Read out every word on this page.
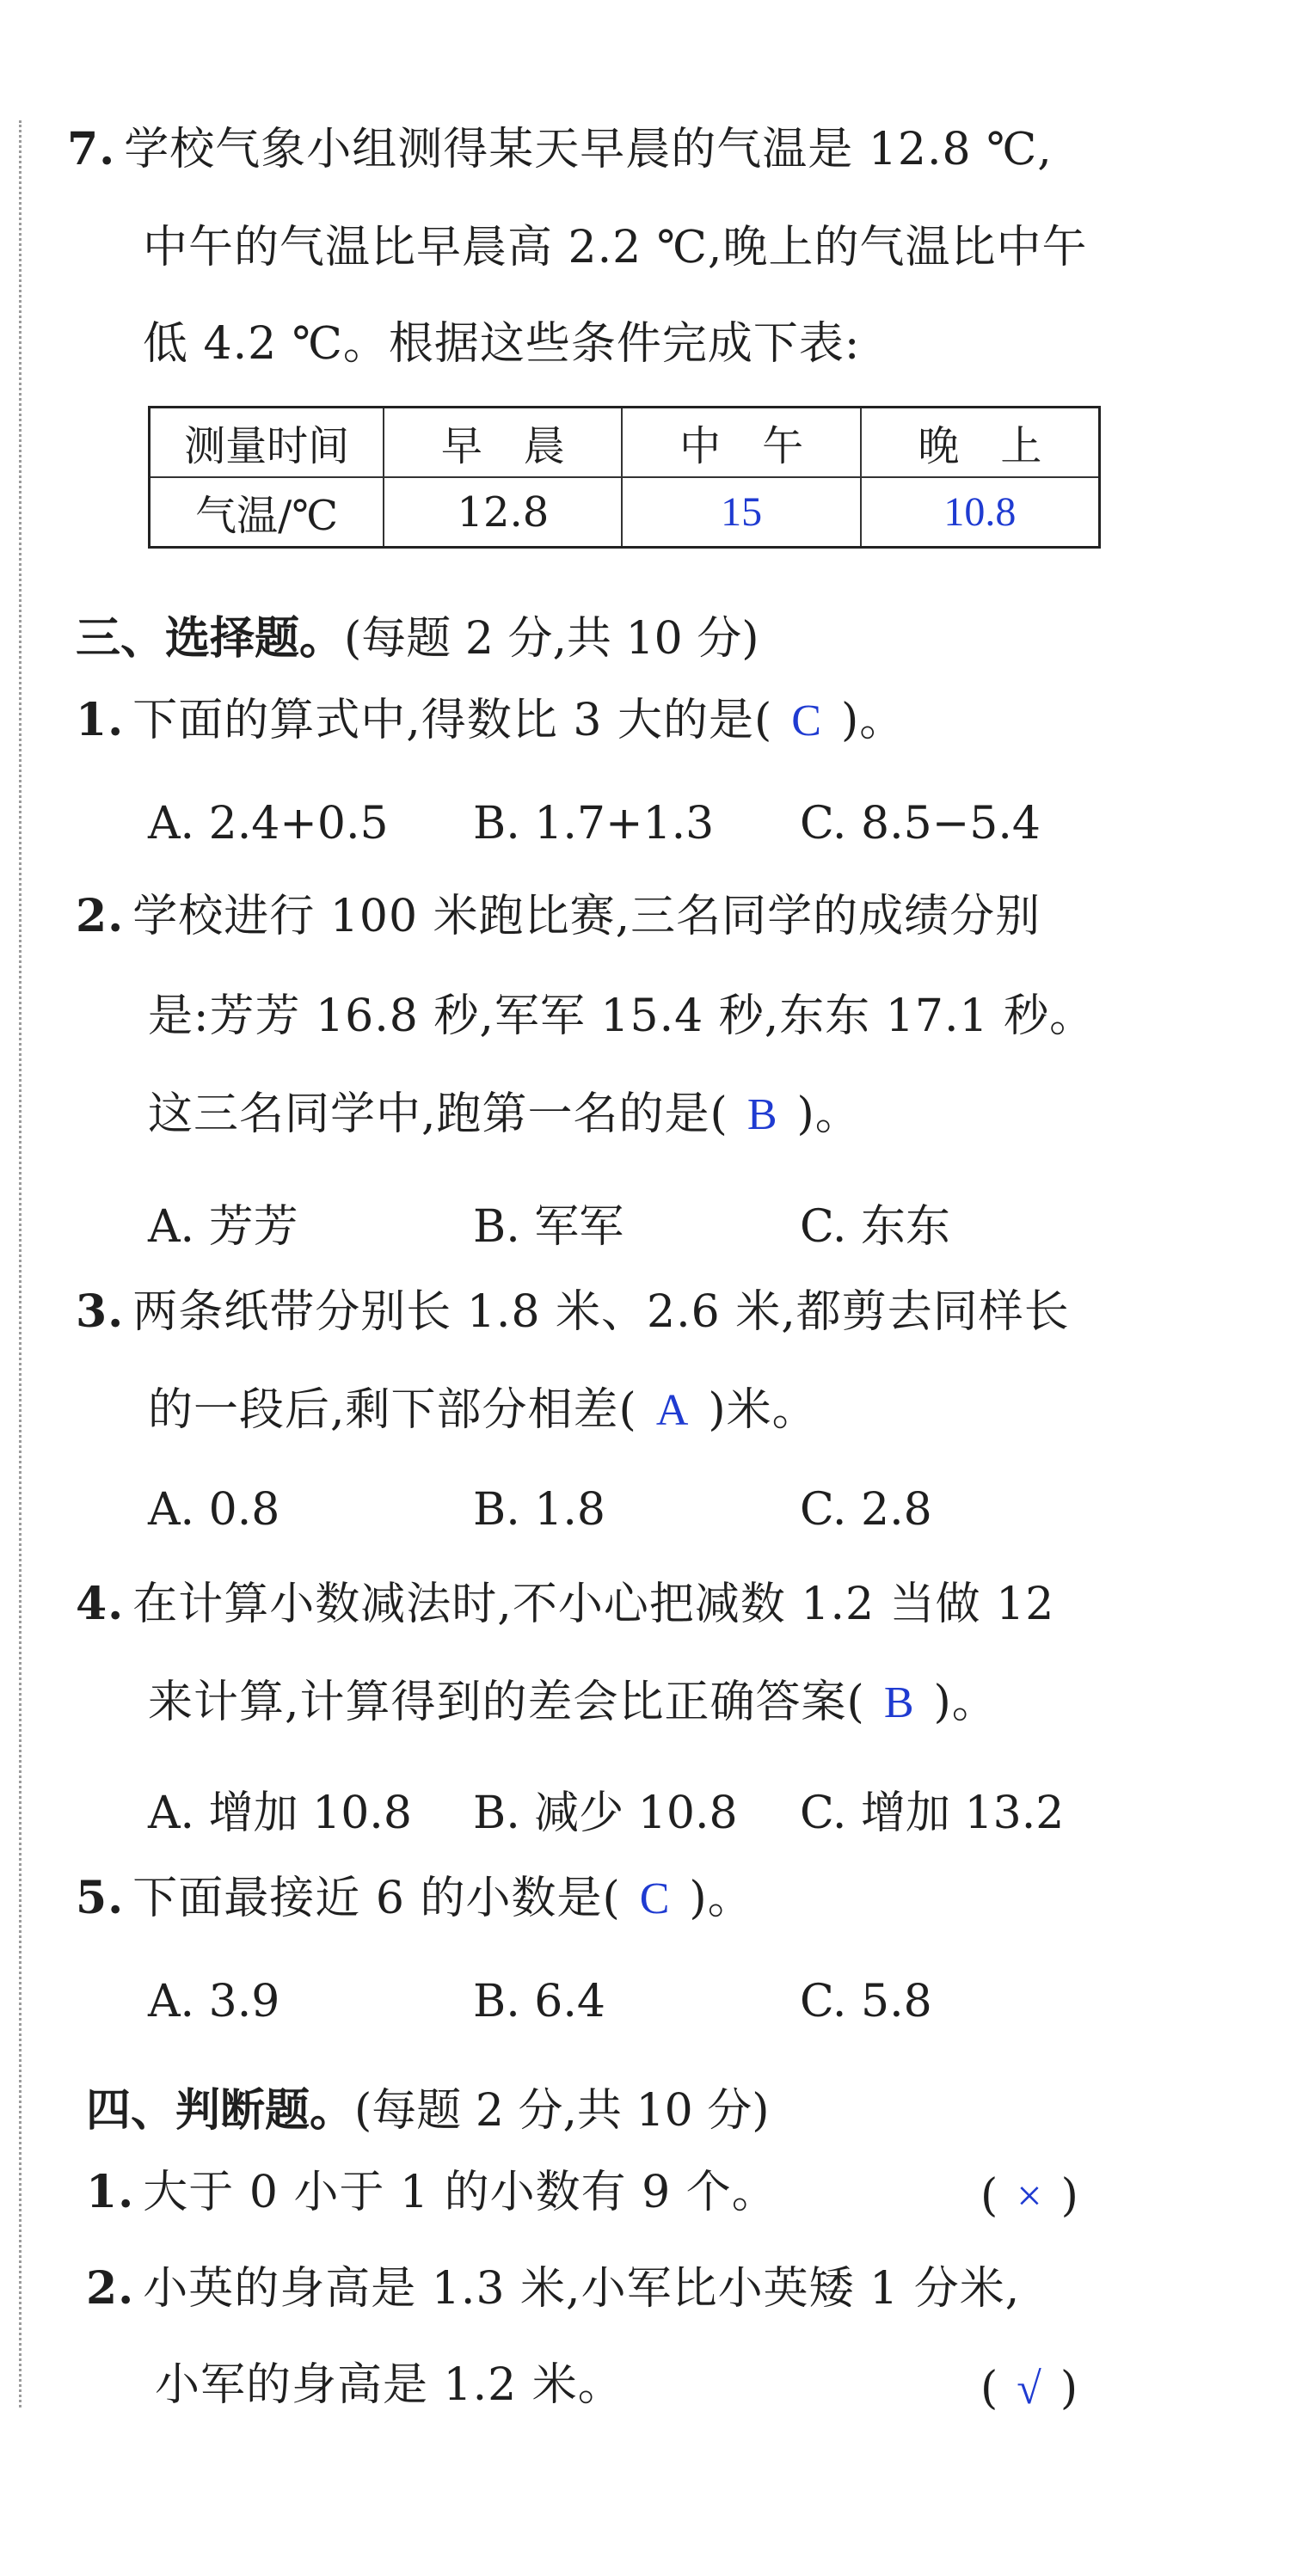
7. 学校气象小组测得某天早晨的气温是 12.8 ℃,
中午的气温比早晨高 2.2 ℃,晚上的气温比中午
低 4.2 ℃。根据这些条件完成下表:
测量时间	早　晨	中　午	晚　上
气温/℃	12.8	15	10.8
三、选择题。(每题 2 分,共 10 分)
1. 下面的算式中,得数比 3 大的是( C )。
A. 2.4+0.5 B. 1.7+1.3 C. 8.5−5.4
2. 学校进行 100 米跑比赛,三名同学的成绩分别
是:芳芳 16.8 秒,军军 15.4 秒,东东 17.1 秒。
这三名同学中,跑第一名的是( B )。
A. 芳芳	B. 军军	C. 东东
3. 两条纸带分别长 1.8 米、2.6 米,都剪去同样长
的一段后,剩下部分相差( A )米。
A. 0.8	B. 1.8	C. 2.8
4. 在计算小数减法时,不小心把减数 1.2 当做 12
来计算,计算得到的差会比正确答案( B )。
A. 增加 10.8 B. 减少 10.8 C. 增加 13.2
5. 下面最接近 6 的小数是( C )。
A. 3.9	B. 6.4	C. 5.8
四、判断题。(每题 2 分,共 10 分)
1. 大于 0 小于 1 的小数有 9 个。	( × )
2. 小英的身高是 1.3 米,小军比小英矮 1 分米,
小军的身高是 1.2 米。	( √ )
